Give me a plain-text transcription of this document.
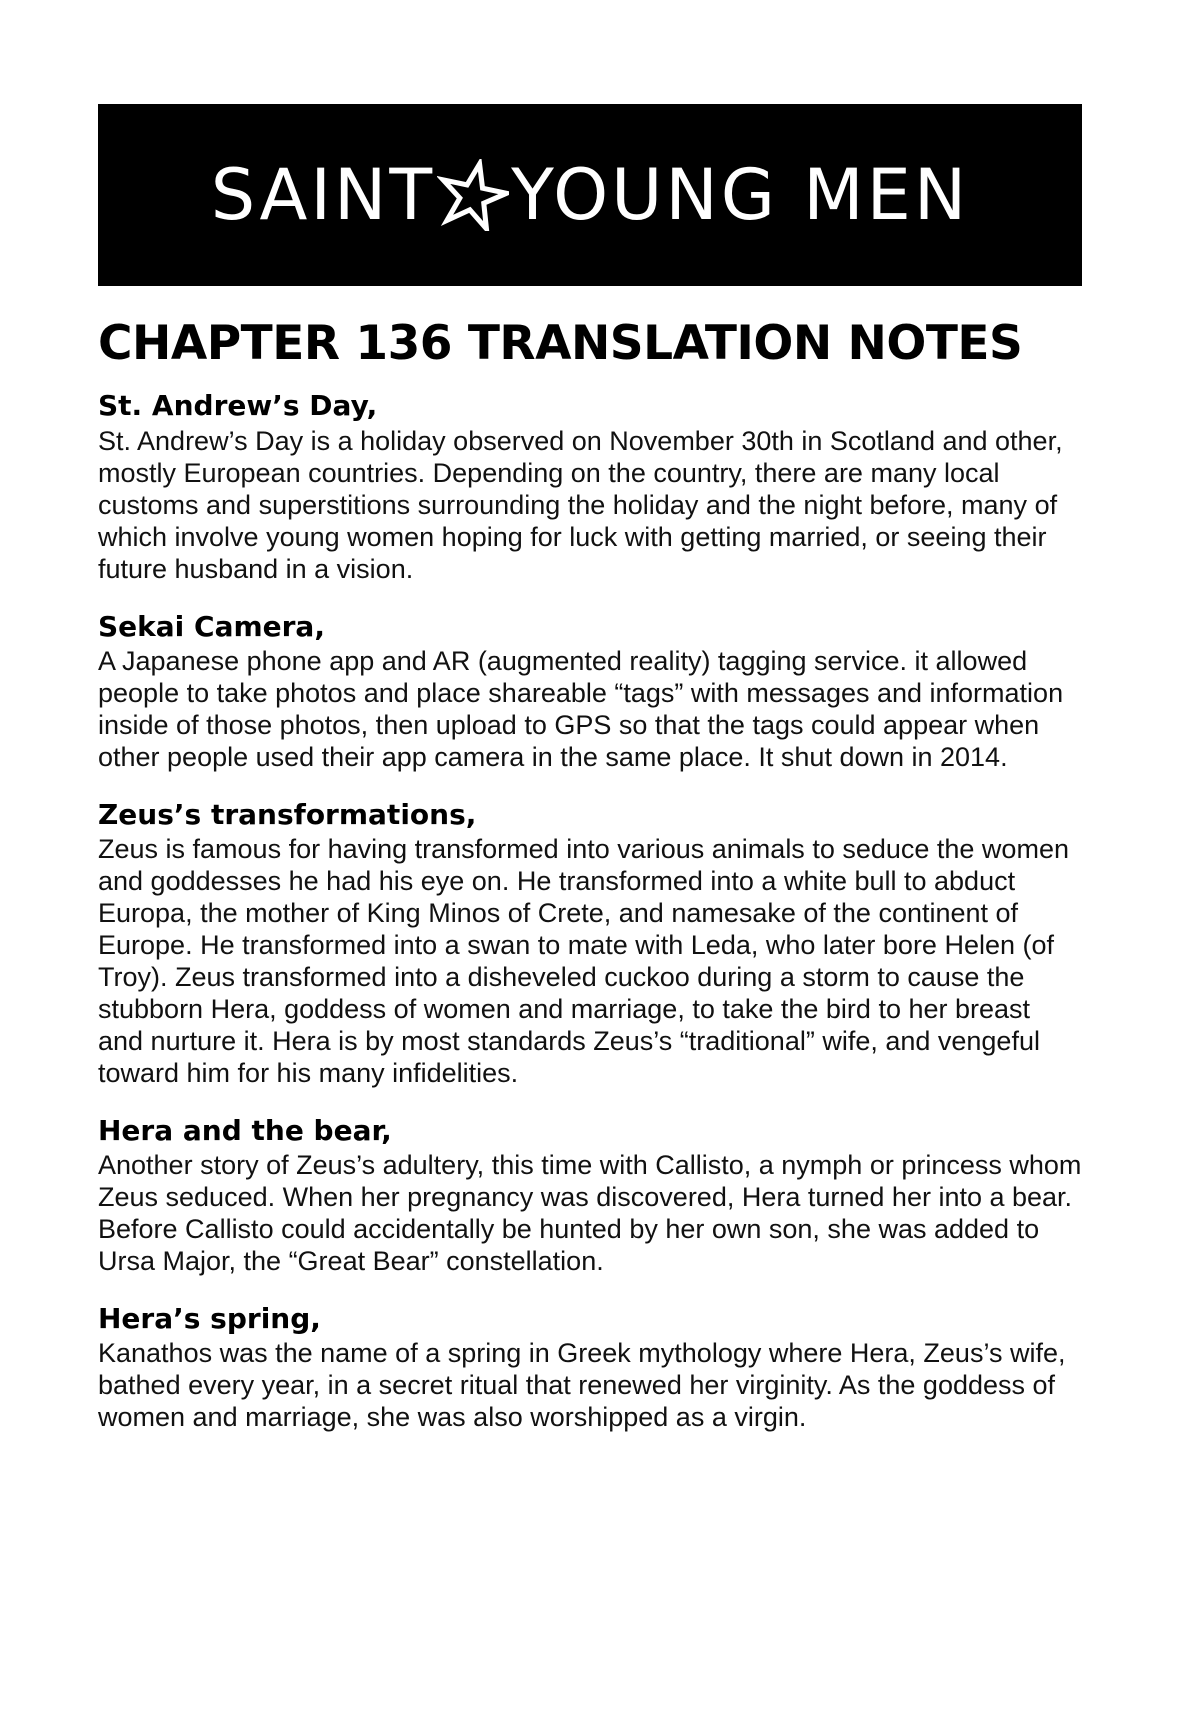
SAINT YOUNG MEN
CHAPTER 136 TRANSLATION NOTES
St. Andrew’s Day,
St. Andrew’s Day is a holiday observed on November 30th in Scotland and other, mostly European countries. Depending on the country, there are many local customs and superstitions surrounding the holiday and the night before, many of which involve young women hoping for luck with getting married, or seeing their future husband in a vision.
Sekai Camera,
A Japanese phone app and AR (augmented reality) tagging service. it allowed people to take photos and place shareable “tags” with messages and information inside of those photos, then upload to GPS so that the tags could appear when other people used their app camera in the same place. It shut down in 2014.
Zeus’s transformations,
Zeus is famous for having transformed into various animals to seduce the women and goddesses he had his eye on. He transformed into a white bull to abduct Europa, the mother of King Minos of Crete, and namesake of the continent of Europe. He transformed into a swan to mate with Leda, who later bore Helen (of Troy). Zeus transformed into a disheveled cuckoo during a storm to cause the stubborn Hera, goddess of women and marriage, to take the bird to her breast and nurture it. Hera is by most standards Zeus’s “traditional” wife, and vengeful toward him for his many infidelities.
Hera and the bear,
Another story of Zeus’s adultery, this time with Callisto, a nymph or princess whom Zeus seduced. When her pregnancy was discovered, Hera turned her into a bear. Before Callisto could accidentally be hunted by her own son, she was added to Ursa Major, the “Great Bear” constellation.
Hera’s spring,
Kanathos was the name of a spring in Greek mythology where Hera, Zeus’s wife, bathed every year, in a secret ritual that renewed her virginity. As the goddess of women and marriage, she was also worshipped as a virgin.
